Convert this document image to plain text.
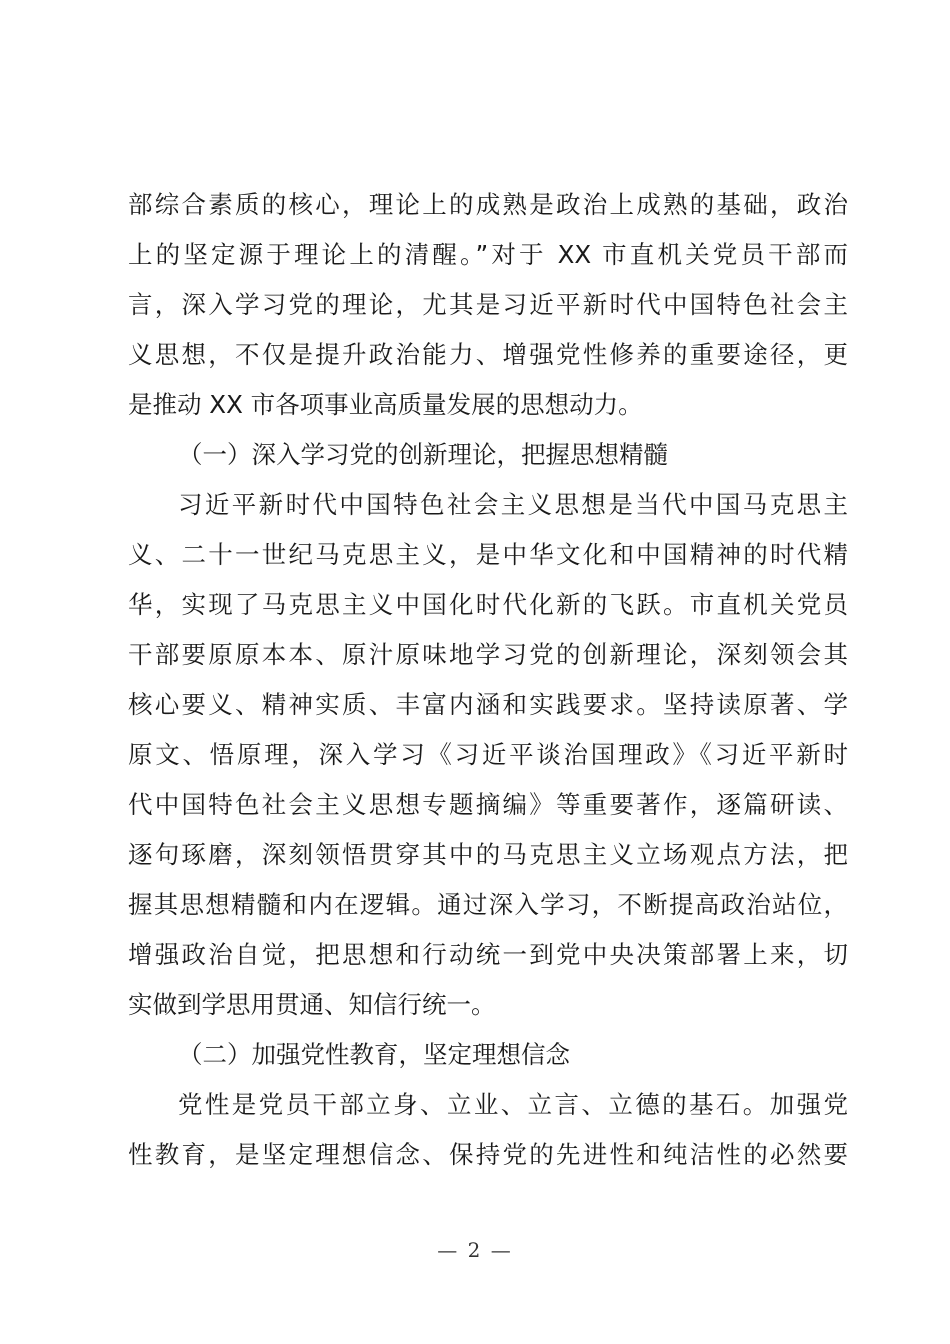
部综合素质的核心，理论上的成熟是政治上成熟的基础，政治
上的坚定源于理论上的清醒。”对于 XX 市直机关党员干部而
言，深入学习党的理论，尤其是习近平新时代中国特色社会主
义思想，不仅是提升政治能力、增强党性修养的重要途径，更
是推动 XX 市各项事业高质量发展的思想动力。
（一）深入学习党的创新理论，把握思想精髓
习近平新时代中国特色社会主义思想是当代中国马克思主
义、二十一世纪马克思主义，是中华文化和中国精神的时代精
华，实现了马克思主义中国化时代化新的飞跃。市直机关党员
干部要原原本本、原汁原味地学习党的创新理论，深刻领会其
核心要义、精神实质、丰富内涵和实践要求。坚持读原著、学
原文、悟原理，深入学习《习近平谈治国理政》《习近平新时
代中国特色社会主义思想专题摘编》等重要著作，逐篇研读、
逐句琢磨，深刻领悟贯穿其中的马克思主义立场观点方法，把
握其思想精髓和内在逻辑。通过深入学习，不断提高政治站位，
增强政治自觉，把思想和行动统一到党中央决策部署上来，切
实做到学思用贯通、知信行统一。
（二）加强党性教育，坚定理想信念
党性是党员干部立身、立业、立言、立德的基石。加强党
性教育，是坚定理想信念、保持党的先进性和纯洁性的必然要
— 2 —
